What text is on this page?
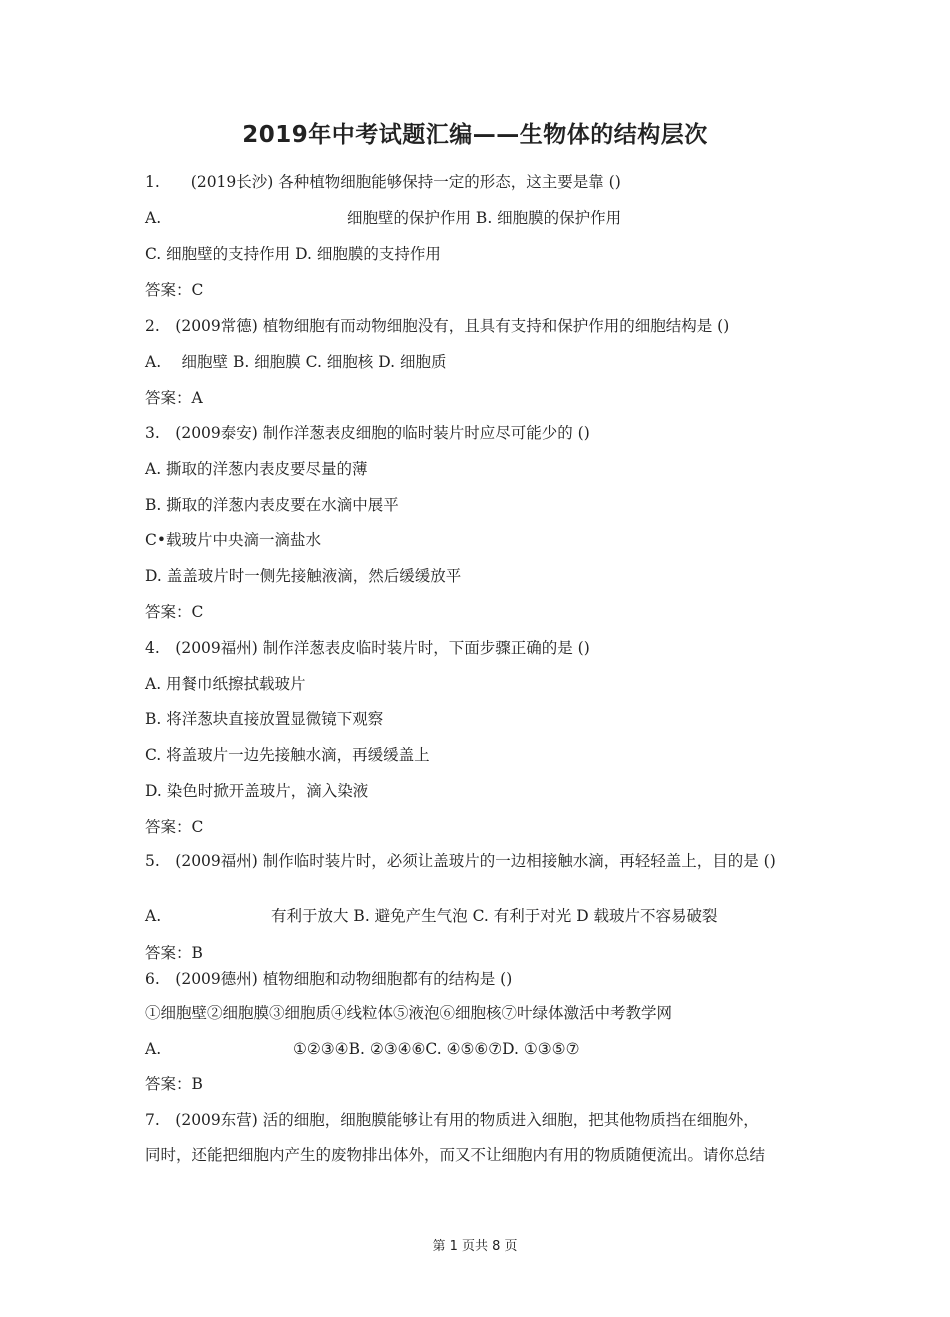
2019年中考试题汇编——生物体的结构层次
1.　　(2019长沙) 各种植物细胞能够保持一定的形态，这主要是靠 ()
A.	细胞壁的保护作用 B. 细胞膜的保护作用
C. 细胞壁的支持作用 D. 细胞膜的支持作用
答案：C
2.　(2009常德) 植物细胞有而动物细胞没有，且具有支持和保护作用的细胞结构是 ()
A.　 细胞壁 B. 细胞膜 C. 细胞核 D. 细胞质
答案：A
3.　(2009泰安) 制作洋葱表皮细胞的临时装片时应尽可能少的 ()
A. 撕取的洋葱内表皮要尽量的薄
B. 撕取的洋葱内表皮要在水滴中展平
C•载玻片中央滴一滴盐水
D. 盖盖玻片时一侧先接触液滴，然后缓缓放平
答案：C
4.　(2009福州) 制作洋葱表皮临时装片时，下面步骤正确的是 ()
A. 用餐巾纸擦拭载玻片
B. 将洋葱块直接放置显微镜下观察
C. 将盖玻片一边先接触水滴，再缓缓盖上
D. 染色时掀开盖玻片，滴入染液
答案：C
5.　(2009福州) 制作临时装片时，必须让盖玻片的一边相接触水滴，再轻轻盖上，目的是 ()
A.	有利于放大 B. 避免产生气泡 C. 有利于对光 D 载玻片不容易破裂
答案：B
6.　(2009德州) 植物细胞和动物细胞都有的结构是 ()
①细胞壁②细胞膜③细胞质④线粒体⑤液泡⑥细胞核⑦叶绿体激活中考教学网
A.	①②③④B. ②③④⑥C. ④⑤⑥⑦D. ①③⑤⑦
答案：B
7.　(2009东营) 活的细胞，细胞膜能够让有用的物质进入细胞，把其他物质挡在细胞外，
同时，还能把细胞内产生的废物排出体外，而又不让细胞内有用的物质随便流出。请你总结
第 1 页共 8 页
